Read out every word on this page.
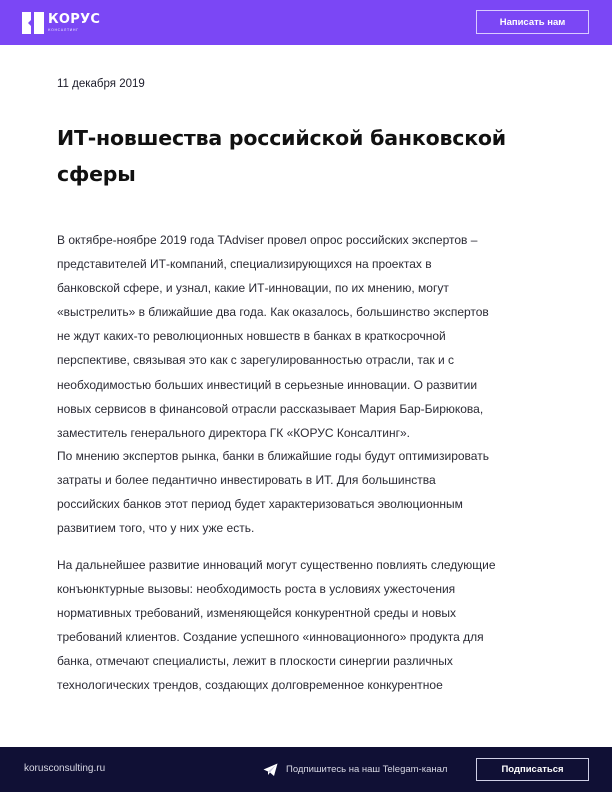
КОРУС
КОНСАЛТИНГ
Написать нам
11 декабря 2019
ИТ-новшества российской банковской
сферы
В октябре-ноябре 2019 года TAdviser провел опрос российских экспертов –
представителей ИТ-компаний, специализирующихся на проектах в
банковской сфере, и узнал, какие ИТ-инновации, по их мнению, могут
«выстрелить» в ближайшие два года. Как оказалось, большинство экспертов
не ждут каких-то революционных новшеств в банках в краткосрочной
перспективе, связывая это как с зарегулированностью отрасли, так и с
необходимостью больших инвестиций в серьезные инновации. О развитии
новых сервисов в финансовой отрасли рассказывает Мария Бар-Бирюкова,
заместитель генерального директора ГК «КОРУС Консалтинг».
По мнению экспертов рынка, банки в ближайшие годы будут оптимизировать
затраты и более педантично инвестировать в ИТ. Для большинства
российских банков этот период будет характеризоваться эволюционным
развитием того, что у них уже есть.
На дальнейшее развитие инноваций могут существенно повлиять следующие
конъюнктурные вызовы: необходимость роста в условиях ужесточения
нормативных требований, изменяющейся конкурентной среды и новых
требований клиентов. Создание успешного «инновационного» продукта для
банка, отмечают специалисты, лежит в плоскости синергии различных
технологических трендов, создающих долговременное конкурентное
korusconsulting.ru	Подпишитесь на наш Telegam-канал	Подписаться
